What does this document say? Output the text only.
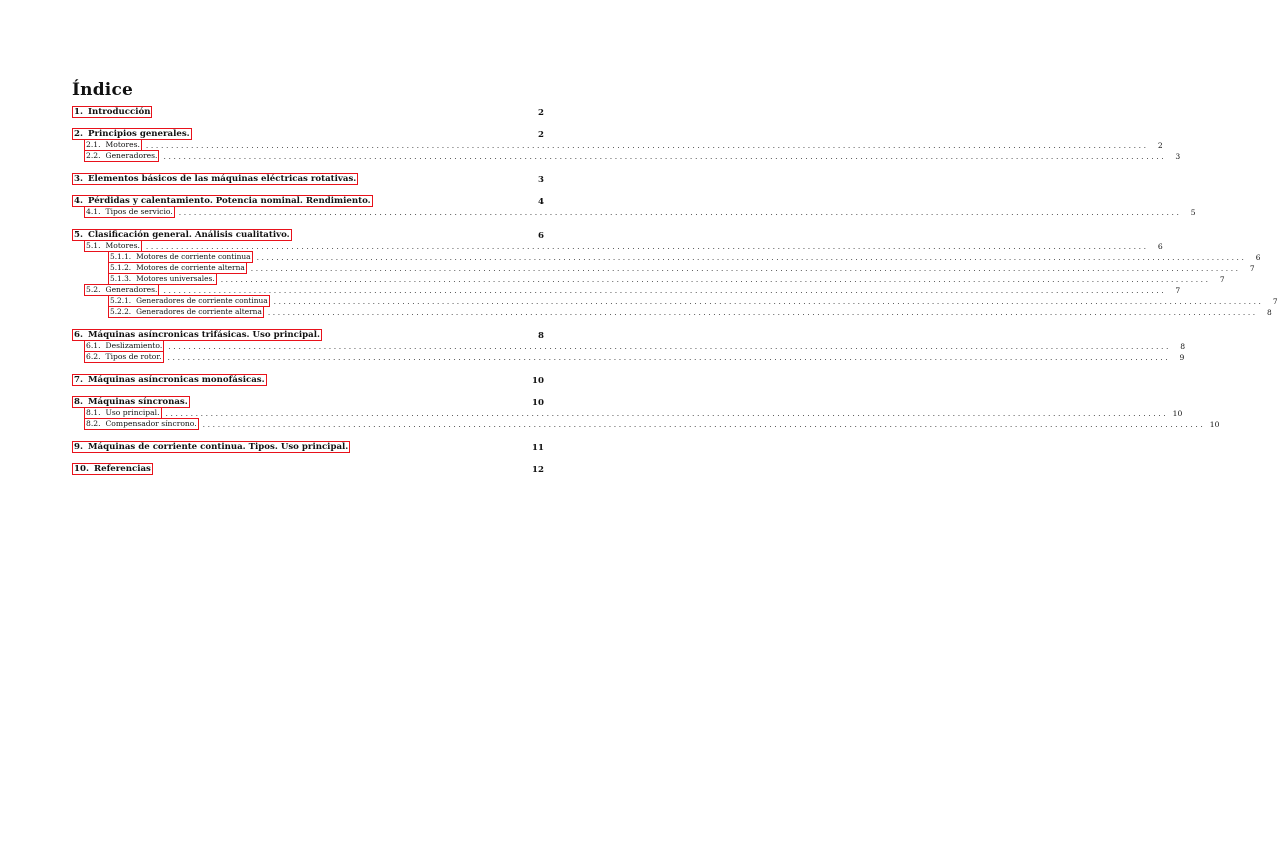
Índice
1. Introducción	2
2. Principios generales.	2
2.1. Motores. ........................................................................................................................................................................................................	2
2.2. Generadores. ........................................................................................................................................................................................................	3
3. Elementos básicos de las máquinas eléctricas rotativas.	3
4. Pérdidas y calentamiento. Potencia nominal. Rendimiento.	4
4.1. Tipos de servicio. ........................................................................................................................................................................................................	5
5. Clasificación general. Análisis cualitativo.	6
5.1. Motores. ........................................................................................................................................................................................................	6
5.1.1. Motores de corriente continua ........................................................................................................................................................................................................	6
5.1.2. Motores de corriente alterna ........................................................................................................................................................................................................	7
5.1.3. Motores universales. ........................................................................................................................................................................................................	7
5.2. Generadores. ........................................................................................................................................................................................................	7
5.2.1. Generadores de corriente continua ........................................................................................................................................................................................................	7
5.2.2. Generadores de corriente alterna ........................................................................................................................................................................................................	8
6. Máquinas asíncronicas trifásicas. Uso principal.	8
6.1. Deslizamiento. ........................................................................................................................................................................................................	8
6.2. Tipos de rotor. ........................................................................................................................................................................................................	9
7. Máquinas asíncronicas monofásicas.	10
8. Máquinas síncronas.	10
8.1. Uso principal. ........................................................................................................................................................................................................ 10
8.2. Compensador síncrono. ........................................................................................................................................................................................................ 10
9. Máquinas de corriente continua. Tipos. Uso principal.	11
10. Referencias	12
